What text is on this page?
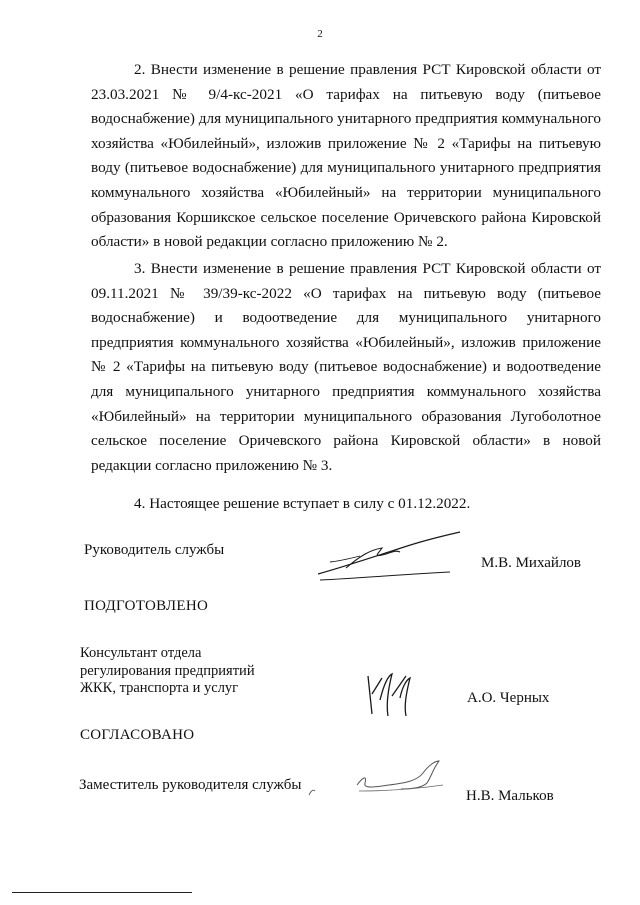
2

2. Внести изменение в решение правления РСТ Кировской области от 23.03.2021 № 9/4-кс-2021 «О тарифах на питьевую воду (питьевое водоснабжение) для муниципального унитарного предприятия коммунального хозяйства «Юбилейный», изложив приложение № 2 «Тарифы на питьевую воду (питьевое водоснабжение) для муниципального унитарного предприятия коммунального хозяйства «Юбилейный» на территории муниципального образования Коршикское сельское поселение Оричевского района Кировской области» в новой редакции согласно приложению № 2.

3. Внести изменение в решение правления РСТ Кировской области от 09.11.2021 № 39/39-кс-2022 «О тарифах на питьевую воду (питьевое водоснабжение) и водоотведение для муниципального унитарного предприятия коммунального хозяйства «Юбилейный», изложив приложение № 2 «Тарифы на питьевую воду (питьевое водоснабжение) и водоотведение для муниципального унитарного предприятия коммунального хозяйства «Юбилейный» на территории муниципального образования Лугоболотное сельское поселение Оричевского района Кировской области» в новой редакции согласно приложению № 3.

4. Настоящее решение вступает в силу с 01.12.2022.

Руководитель службы
М.В. Михайлов
ПОДГОТОВЛЕНО
Консультант отдела
регулирования предприятий
ЖКК, транспорта и услуг
А.О. Черных
СОГЛАСОВАНО
Заместитель руководителя службы
Н.В. Мальков
